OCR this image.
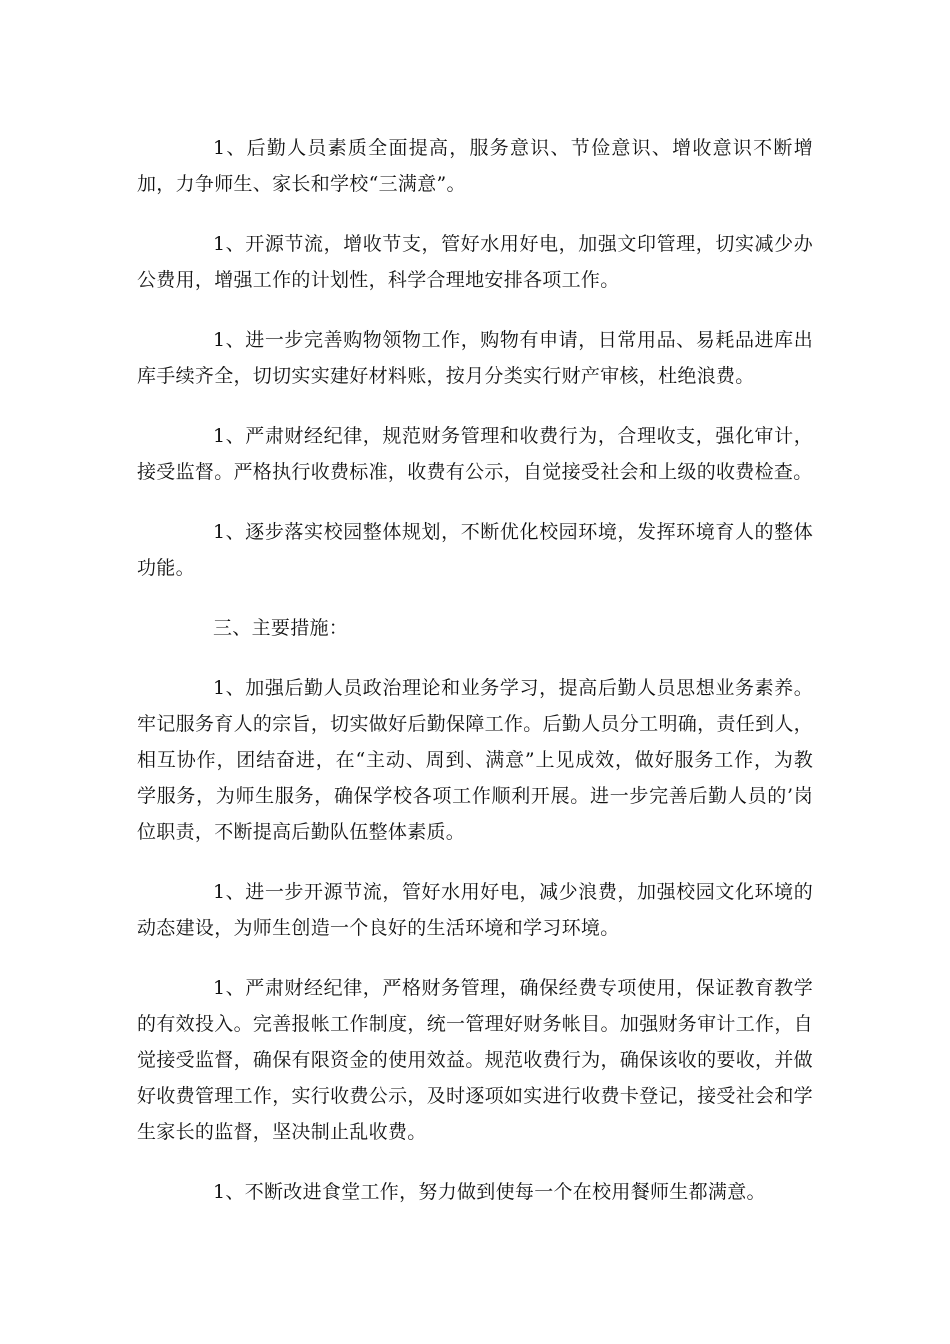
1、后勤人员素质全面提高，服务意识、节俭意识、增收意识不断增加，力争师生、家长和学校“三满意”。

1、开源节流，增收节支，管好水用好电，加强文印管理，切实减少办公费用，增强工作的计划性，科学合理地安排各项工作。

1、进一步完善购物领物工作，购物有申请，日常用品、易耗品进库出库手续齐全，切切实实建好材料账，按月分类实行财产审核，杜绝浪费。

1、严肃财经纪律，规范财务管理和收费行为，合理收支，强化审计，接受监督。严格执行收费标准，收费有公示，自觉接受社会和上级的收费检查。

1、逐步落实校园整体规划，不断优化校园环境，发挥环境育人的整体功能。

三、主要措施：

1、加强后勤人员政治理论和业务学习，提高后勤人员思想业务素养。牢记服务育人的宗旨，切实做好后勤保障工作。后勤人员分工明确，责任到人，相互协作，团结奋进，在“主动、周到、满意”上见成效，做好服务工作，为教学服务，为师生服务，确保学校各项工作顺利开展。进一步完善后勤人员的’岗位职责，不断提高后勤队伍整体素质。

1、进一步开源节流，管好水用好电，减少浪费，加强校园文化环境的动态建设，为师生创造一个良好的生活环境和学习环境。

1、严肃财经纪律，严格财务管理，确保经费专项使用，保证教育教学的有效投入。完善报帐工作制度，统一管理好财务帐目。加强财务审计工作，自觉接受监督，确保有限资金的使用效益。规范收费行为，确保该收的要收，并做好收费管理工作，实行收费公示，及时逐项如实进行收费卡登记，接受社会和学生家长的监督，坚决制止乱收费。

1、不断改进食堂工作，努力做到使每一个在校用餐师生都满意。
